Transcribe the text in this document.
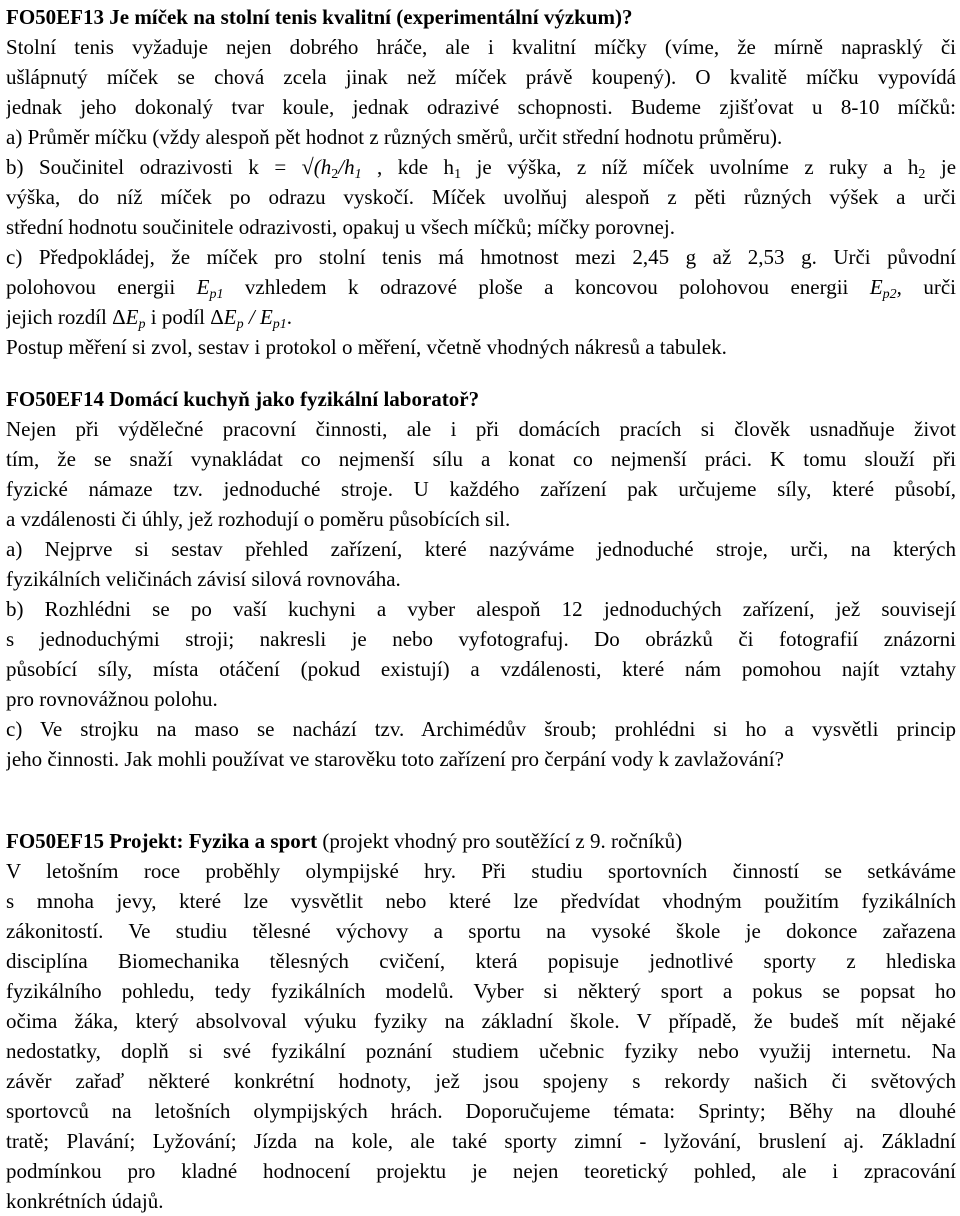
FO50EF13 Je míček na stolní tenis kvalitní (experimentální výzkum)?
Stolní tenis vyžaduje nejen dobrého hráče, ale i kvalitní míčky (víme, že mírně naprasklý či
ušlápnutý míček se chová zcela jinak než míček právě koupený). O kvalitě míčku vypovídá
jednak jeho dokonalý tvar koule, jednak odrazivé schopnosti. Budeme zjišťovat u 8-10 míčků:
a) Průměr míčku (vždy alespoň pět hodnot z různých směrů, určit střední hodnotu průměru).
b) Součinitel odrazivosti $k = √(h_2/h_1$ , kde $h_1$ je výška, z níž míček uvolníme z ruky a $h_2$ je
výška, do níž míček po odrazu vyskočí. Míček uvolňuj alespoň z pěti různých výšek a urči
střední hodnotu součinitele odrazivosti, opakuj u všech míčků; míčky porovnej.
c) Předpokládej, že míček pro stolní tenis má hmotnost mezi 2,45 g až 2,53 g. Urči původní
polohovou energii $E_{p1}$ vzhledem k odrazové ploše a koncovou polohovou energii $E_{p2}$, urči
jejich rozdíl $\Delta E_p$ i podíl $\Delta E_p / E_{p1}$.
Postup měření si zvol, sestav i protokol o měření, včetně vhodných nákresů a tabulek.
FO50EF14 Domácí kuchyň jako fyzikální laboratoř?
Nejen při výdělečné pracovní činnosti, ale i při domácích pracích si člověk usnadňuje život
tím, že se snaží vynakládat co nejmenší sílu a konat co nejmenší práci. K tomu slouží při
fyzické námaze tzv. jednoduché stroje. U každého zařízení pak určujeme síly, které působí,
a vzdálenosti či úhly, jež rozhodují o poměru působících sil.
a) Nejprve si sestav přehled zařízení, které nazýváme jednoduché stroje, urči, na kterých
fyzikálních veličinách závisí silová rovnováha.
b) Rozhlédni se po vaší kuchyni a vyber alespoň 12 jednoduchých zařízení, jež souvisejí
s jednoduchými stroji; nakresli je nebo vyfotografuj. Do obrázků či fotografií znázorni
působící síly, místa otáčení (pokud existují) a vzdálenosti, které nám pomohou najít vztahy
pro rovnovážnou polohu.
c) Ve strojku na maso se nachází tzv. Archimédův šroub; prohlédni si ho a vysvětli princip
jeho činnosti. Jak mohli používat ve starověku toto zařízení pro čerpání vody k zavlažování?
FO50EF15 Projekt: Fyzika a sport (projekt vhodný pro soutěžící z 9. ročníků)
V letošním roce proběhly olympijské hry. Při studiu sportovních činností se setkáváme
s mnoha jevy, které lze vysvětlit nebo které lze předvídat vhodným použitím fyzikálních
zákonitostí. Ve studiu tělesné výchovy a sportu na vysoké škole je dokonce zařazena
disciplína Biomechanika tělesných cvičení, která popisuje jednotlivé sporty z hlediska
fyzikálního pohledu, tedy fyzikálních modelů. Vyber si některý sport a pokus se popsat ho
očima žáka, který absolvoval výuku fyziky na základní škole. V případě, že budeš mít nějaké
nedostatky, doplň si své fyzikální poznání studiem učebnic fyziky nebo využij internetu. Na
závěr zařaď některé konkrétní hodnoty, jež jsou spojeny s rekordy našich či světových
sportovců na letošních olympijských hrách. Doporučujeme témata: Sprinty; Běhy na dlouhé
tratě; Plavání; Lyžování; Jízda na kole, ale také sporty zimní - lyžování, bruslení aj. Základní
podmínkou pro kladné hodnocení projektu je nejen teoretický pohled, ale i zpracování
konkrétních údajů.
